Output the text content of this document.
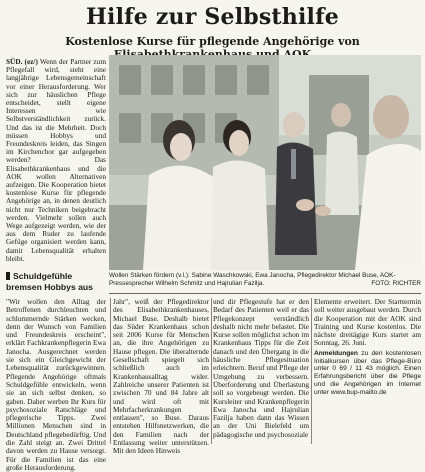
Hilfe zur Selbsthilfe
Kostenlose Kurse für pflegende Angehörige von
SÜD. (ez/) Wenn der Partner zum Pflegefall wird, steht eine langjährige Lebensgemeinschaft vor einer Herausforderung. Wer sich zur häuslichen Pflege entscheidet, stellt eigene Interessen wie Selbstverständlichkeit zurück. Und das ist die Mehrheit. Doch müssen Hobbys und Freundeskreis leiden, das Singen im Kirchenchor gar aufgegeben werden? Das Elisabethkrankenhaus und die AOK wollen Alternativen aufzeigen. Die Kooperation bietet kostenlose Kurse für pflegende Angehörige an, in denen deutlich nicht nur Techniken beigebracht werden. Vielmehr sollen auch Wege aufgezeigt werden, wie der aus dem Ruder zu laufende Gefüge organisiert werden kann, damit Lebensqualität erhalten bleibt.
Wollen Stärken fördern (v.l.): Sabine Waschkowski, Ewa Janocha, Pflegedirektor Michael Buse, AOK-Pressesprecher Wilhelm Schmitz und Hajrulian Fazilja.	FOTO: RICHTER
Schuldgefühle bremsen Hobbys aus
"Wir wollen den Alltag der Betroffenen durchleuchten und schlummernde Stärken wecken, denn der Wunsch von Familien und Freundeskreis erscheint", erklärt Fachkrankenpflegerin Ewa Janocha. Ausgerechnet werden sie sich ein Gleichgewicht der Lebensqualität zurückgewinnen. Pflegende Angehörige oftmals Schuldgefühle entwickeln, wenn sie an sich selbst denken, so gaben. Daher werben Ihr Kurs für psychosoziale Ratschläge und pflegerische Tipps. Zwei Millionen Menschen sind in Deutschland pflegebedürftig. Und die Zahl steigt an. Zwei Drittel davon werden zu Hause versorgt. Für die Familien ist das eine große Herausforderung.
Jahr", weiß der Pflegedirektor des Elisabethkrankenhauses, Michael Buse. Deshalb bietet das Süder Krankenhaus schon seit 2006 Kurse für Menschen an, die ihre Angehörigen zu Hause pflegen. Die überalternde Gesellschaft spiegelt sich schließlich auch im Krankenhausalltag wider. Zahlreiche unserer Patienten ist zwischen 70 und 84 Jahre alt und wird oft mit Mehrfacherkrankungen entlassen", so Buse. Daraus entstehen Hilfsnetzwerken, die den Familien nach der Entlassung weiter unterstützen. Mit den Ideen Hinweis
und dir Pflegestufe hat er den Bedarf des Patienten weil er das Pflegekonzept verständlich deshalb nicht mehr belastet. Die Kurse sollen möglichst schon im Krankenhaus Tipps für die Zeit danach und den Übergang in die häusliche Pflegesituation erleichtern. Beruf und Pflege der Umgebung zu verbessern. Überforderung und Überlastung soll so vorgebeugt werden. Die Kursleiter und Krankenpflegerin Ewa Janocha und Hajrulian Fazilja haben dann das Wissen an der Uni Bielefeld um pädagogische und psychosoziale
Elemente erweitert. Der Starttermin soll weiter ausgebaut werden. Durch die Kooperation mit der AOK sind Training und Kurse kostenlos. Die nächste dreitägige Kurs startet am Sonntag, 26. Juni.
Anmeldungen zu den kostenlosen Initialkursen über das Pflege-Büro unter 0 69 / 11 43 möglich. Einen Erfahrungsbericht über die Pflege und die Angehörigen im Internet unter www.bup-mailto.de
